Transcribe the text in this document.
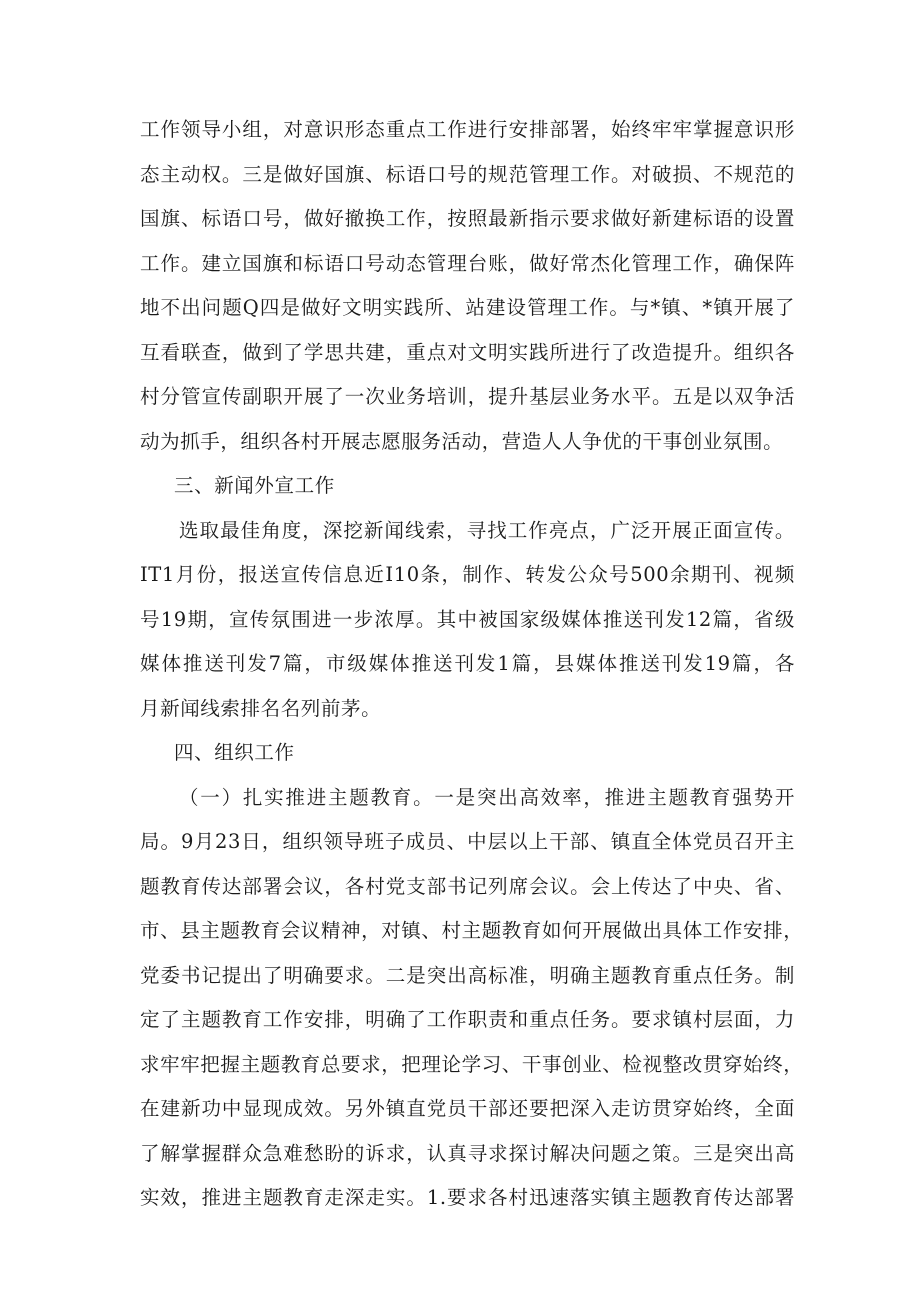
工作领导小组，对意识形态重点工作进行安排部署，始终牢牢掌握意识形
态主动权。三是做好国旗、标语口号的规范管理工作。对破损、不规范的
国旗、标语口号，做好撤换工作，按照最新指示要求做好新建标语的设置
工作。建立国旗和标语口号动态管理台账，做好常杰化管理工作，确保阵
地不出问题Q四是做好文明实践所、站建设管理工作。与*镇、*镇开展了
互看联查，做到了学思共建，重点对文明实践所进行了改造提升。组织各
村分管宣传副职开展了一次业务培训，提升基层业务水平。五是以双争活
动为抓手，组织各村开展志愿服务活动，营造人人争优的干事创业氛围。
三、新闻外宣工作
选取最佳角度，深挖新闻线索，寻找工作亮点，广泛开展正面宣传。
IT1月份，报送宣传信息近I10条，制作、转发公众号500余期刊、视频
号19期，宣传氛围进一步浓厚。其中被国家级媒体推送刊发12篇，省级
媒体推送刊发7篇，市级媒体推送刊发1篇，县媒体推送刊发19篇，各
月新闻线索排名名列前茅。
四、组织工作
（一）扎实推进主题教育。一是突出高效率，推进主题教育强势开
局。9月23日，组织领导班子成员、中层以上干部、镇直全体党员召开主
题教育传达部署会议，各村党支部书记列席会议。会上传达了中央、省、
市、县主题教育会议精神，对镇、村主题教育如何开展做出具体工作安排，
党委书记提出了明确要求。二是突出高标准，明确主题教育重点任务。制
定了主题教育工作安排，明确了工作职责和重点任务。要求镇村层面，力
求牢牢把握主题教育总要求，把理论学习、干事创业、检视整改贯穿始终，
在建新功中显现成效。另外镇直党员干部还要把深入走访贯穿始终，全面
了解掌握群众急难愁盼的诉求，认真寻求探讨解决问题之策。三是突出高
实效，推进主题教育走深走实。1.要求各村迅速落实镇主题教育传达部署
